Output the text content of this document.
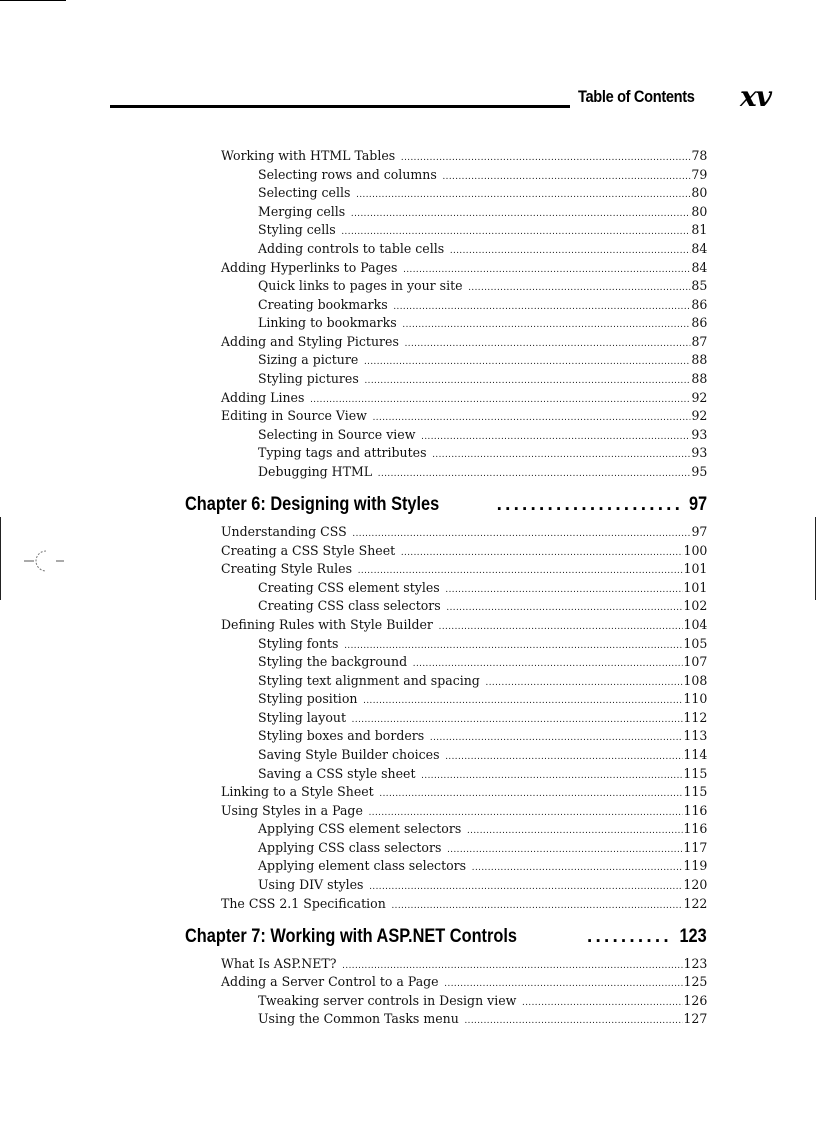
Table of Contents xv
Working with HTML Tables .....	78
Selecting rows and columns .....	79
Selecting cells .....	80
Merging cells .....	80
Styling cells .....	81
Adding controls to table cells .....	84
Adding Hyperlinks to Pages .....	84
Quick links to pages in your site .....	85
Creating bookmarks .....	86
Linking to bookmarks .....	86
Adding and Styling Pictures .....	87
Sizing a picture .....	88
Styling pictures .....	88
Adding Lines .....	92
Editing in Source View .....	92
Selecting in Source view .....	93
Typing tags and attributes .....	93
Debugging HTML .....	95
Chapter 6: Designing with Styles .....	97
Understanding CSS .....	97
Creating a CSS Style Sheet .....	100
Creating Style Rules .....	101
Creating CSS element styles .....	101
Creating CSS class selectors .....	102
Defining Rules with Style Builder .....	104
Styling fonts .....	105
Styling the background .....	107
Styling text alignment and spacing .....	108
Styling position .....	110
Styling layout .....	112
Styling boxes and borders .....	113
Saving Style Builder choices .....	114
Saving a CSS style sheet .....	115
Linking to a Style Sheet .....	115
Using Styles in a Page .....	116
Applying CSS element selectors .....	116
Applying CSS class selectors .....	117
Applying element class selectors .....	119
Using DIV styles .....	120
The CSS 2.1 Specification .....	122
Chapter 7: Working with ASP.NET Controls .....	123
What Is ASP.NET? .....	123
Adding a Server Control to a Page .....	125
Tweaking server controls in Design view .....	126
Using the Common Tasks menu .....	127
